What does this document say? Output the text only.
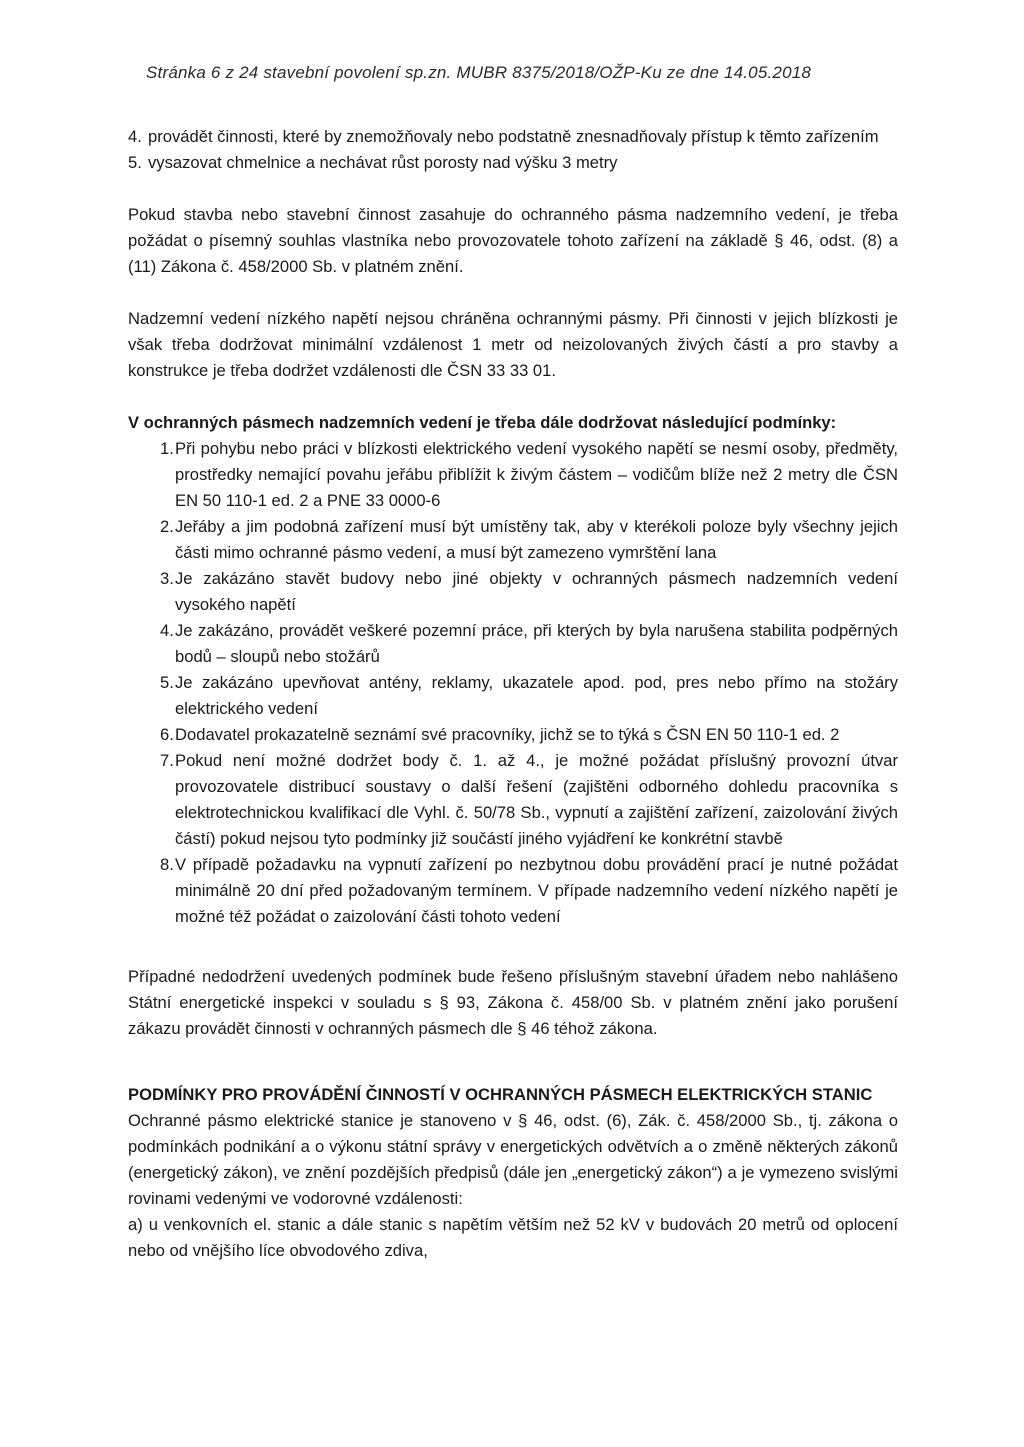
Stránka 6 z 24 stavební povolení sp.zn. MUBR 8375/2018/OŽP-Ku ze dne 14.05.2018
4. provádět činnosti, které by znemožňovaly nebo podstatně znesnadňovaly přístup k těmto zařízením
5. vysazovat chmelnice a nechávat růst porosty nad výšku 3 metry

Pokud stavba nebo stavební činnost zasahuje do ochranného pásma nadzemního vedení, je třeba požádat o písemný souhlas vlastníka nebo provozovatele tohoto zařízení na základě § 46, odst. (8) a (11) Zákona č. 458/2000 Sb. v platném znění.

Nadzemní vedení nízkého napětí nejsou chráněna ochrannými pásmy. Při činnosti v jejich blízkosti je však třeba dodržovat minimální vzdálenost 1 metr od neizolovaných živých částí a pro stavby a konstrukce je třeba dodržet vzdálenosti dle ČSN 33 33 01.

V ochranných pásmech nadzemních vedení je třeba dále dodržovat následující podmínky:

1. Při pohybu nebo práci v blízkosti elektrického vedení vysokého napětí se nesmí osoby, předměty, prostředky nemající povahu jeřábu přiblížit k živým částem – vodičům blíže než 2 metry dle ČSN EN 50 110-1 ed. 2 a PNE 33 0000-6
2. Jeřáby a jim podobná zařízení musí být umístěny tak, aby v kterékoli poloze byly všechny jejich části mimo ochranné pásmo vedení, a musí být zamezeno vymrštění lana
3. Je zakázáno stavět budovy nebo jiné objekty v ochranných pásmech nadzemních vedení vysokého napětí
4. Je zakázáno, provádět veškeré pozemní práce, při kterých by byla narušena stabilita podpěrných bodů – sloupů nebo stožárů
5. Je zakázáno upevňovat antény, reklamy, ukazatele apod. pod, pres nebo přímo na stožáry elektrického vedení
6. Dodavatel prokazatelně seznámí své pracovníky, jichž se to týká s ČSN EN 50 110-1 ed. 2
7. Pokud není možné dodržet body č. 1. až 4., je možné požádat příslušný provozní útvar provozovatele distribucí soustavy o další řešení (zajištěni odborného dohledu pracovníka s elektrotechnickou kvalifikací dle Vyhl. č. 50/78 Sb., vypnutí a zajištění zařízení, zaizolování živých částí) pokud nejsou tyto podmínky již součástí jiného vyjádření ke konkrétní stavbě
8. V případě požadavku na vypnutí zařízení po nezbytnou dobu provádění prací je nutné požádat minimálně 20 dní před požadovaným termínem. V případe nadzemního vedení nízkého napětí je možné též požádat o zaizolování části tohoto vedení

Případné nedodržení uvedených podmínek bude řešeno příslušným stavební úřadem nebo nahlášeno Státní energetické inspekci v souladu s § 93, Zákona č. 458/00 Sb. v platném znění jako porušení zákazu provádět činnosti v ochranných pásmech dle § 46 téhož zákona.

PODMÍNKY PRO PROVÁDĚNÍ ČINNOSTÍ V OCHRANNÝCH PÁSMECH ELEKTRICKÝCH STANIC

Ochranné pásmo elektrické stanice je stanoveno v § 46, odst. (6), Zák. č. 458/2000 Sb., tj. zákona o podmínkách podnikání a o výkonu státní správy v energetických odvětvích a o změně některých zákonů (energetický zákon), ve znění pozdějších předpisů (dále jen „energetický zákon“) a je vymezeno svislými rovinami vedenými ve vodorovné vzdálenosti:

a) u venkovních el. stanic a dále stanic s napětím větším než 52 kV v budovách 20 metrů od oplocení nebo od vnějšího líce obvodového zdiva,
